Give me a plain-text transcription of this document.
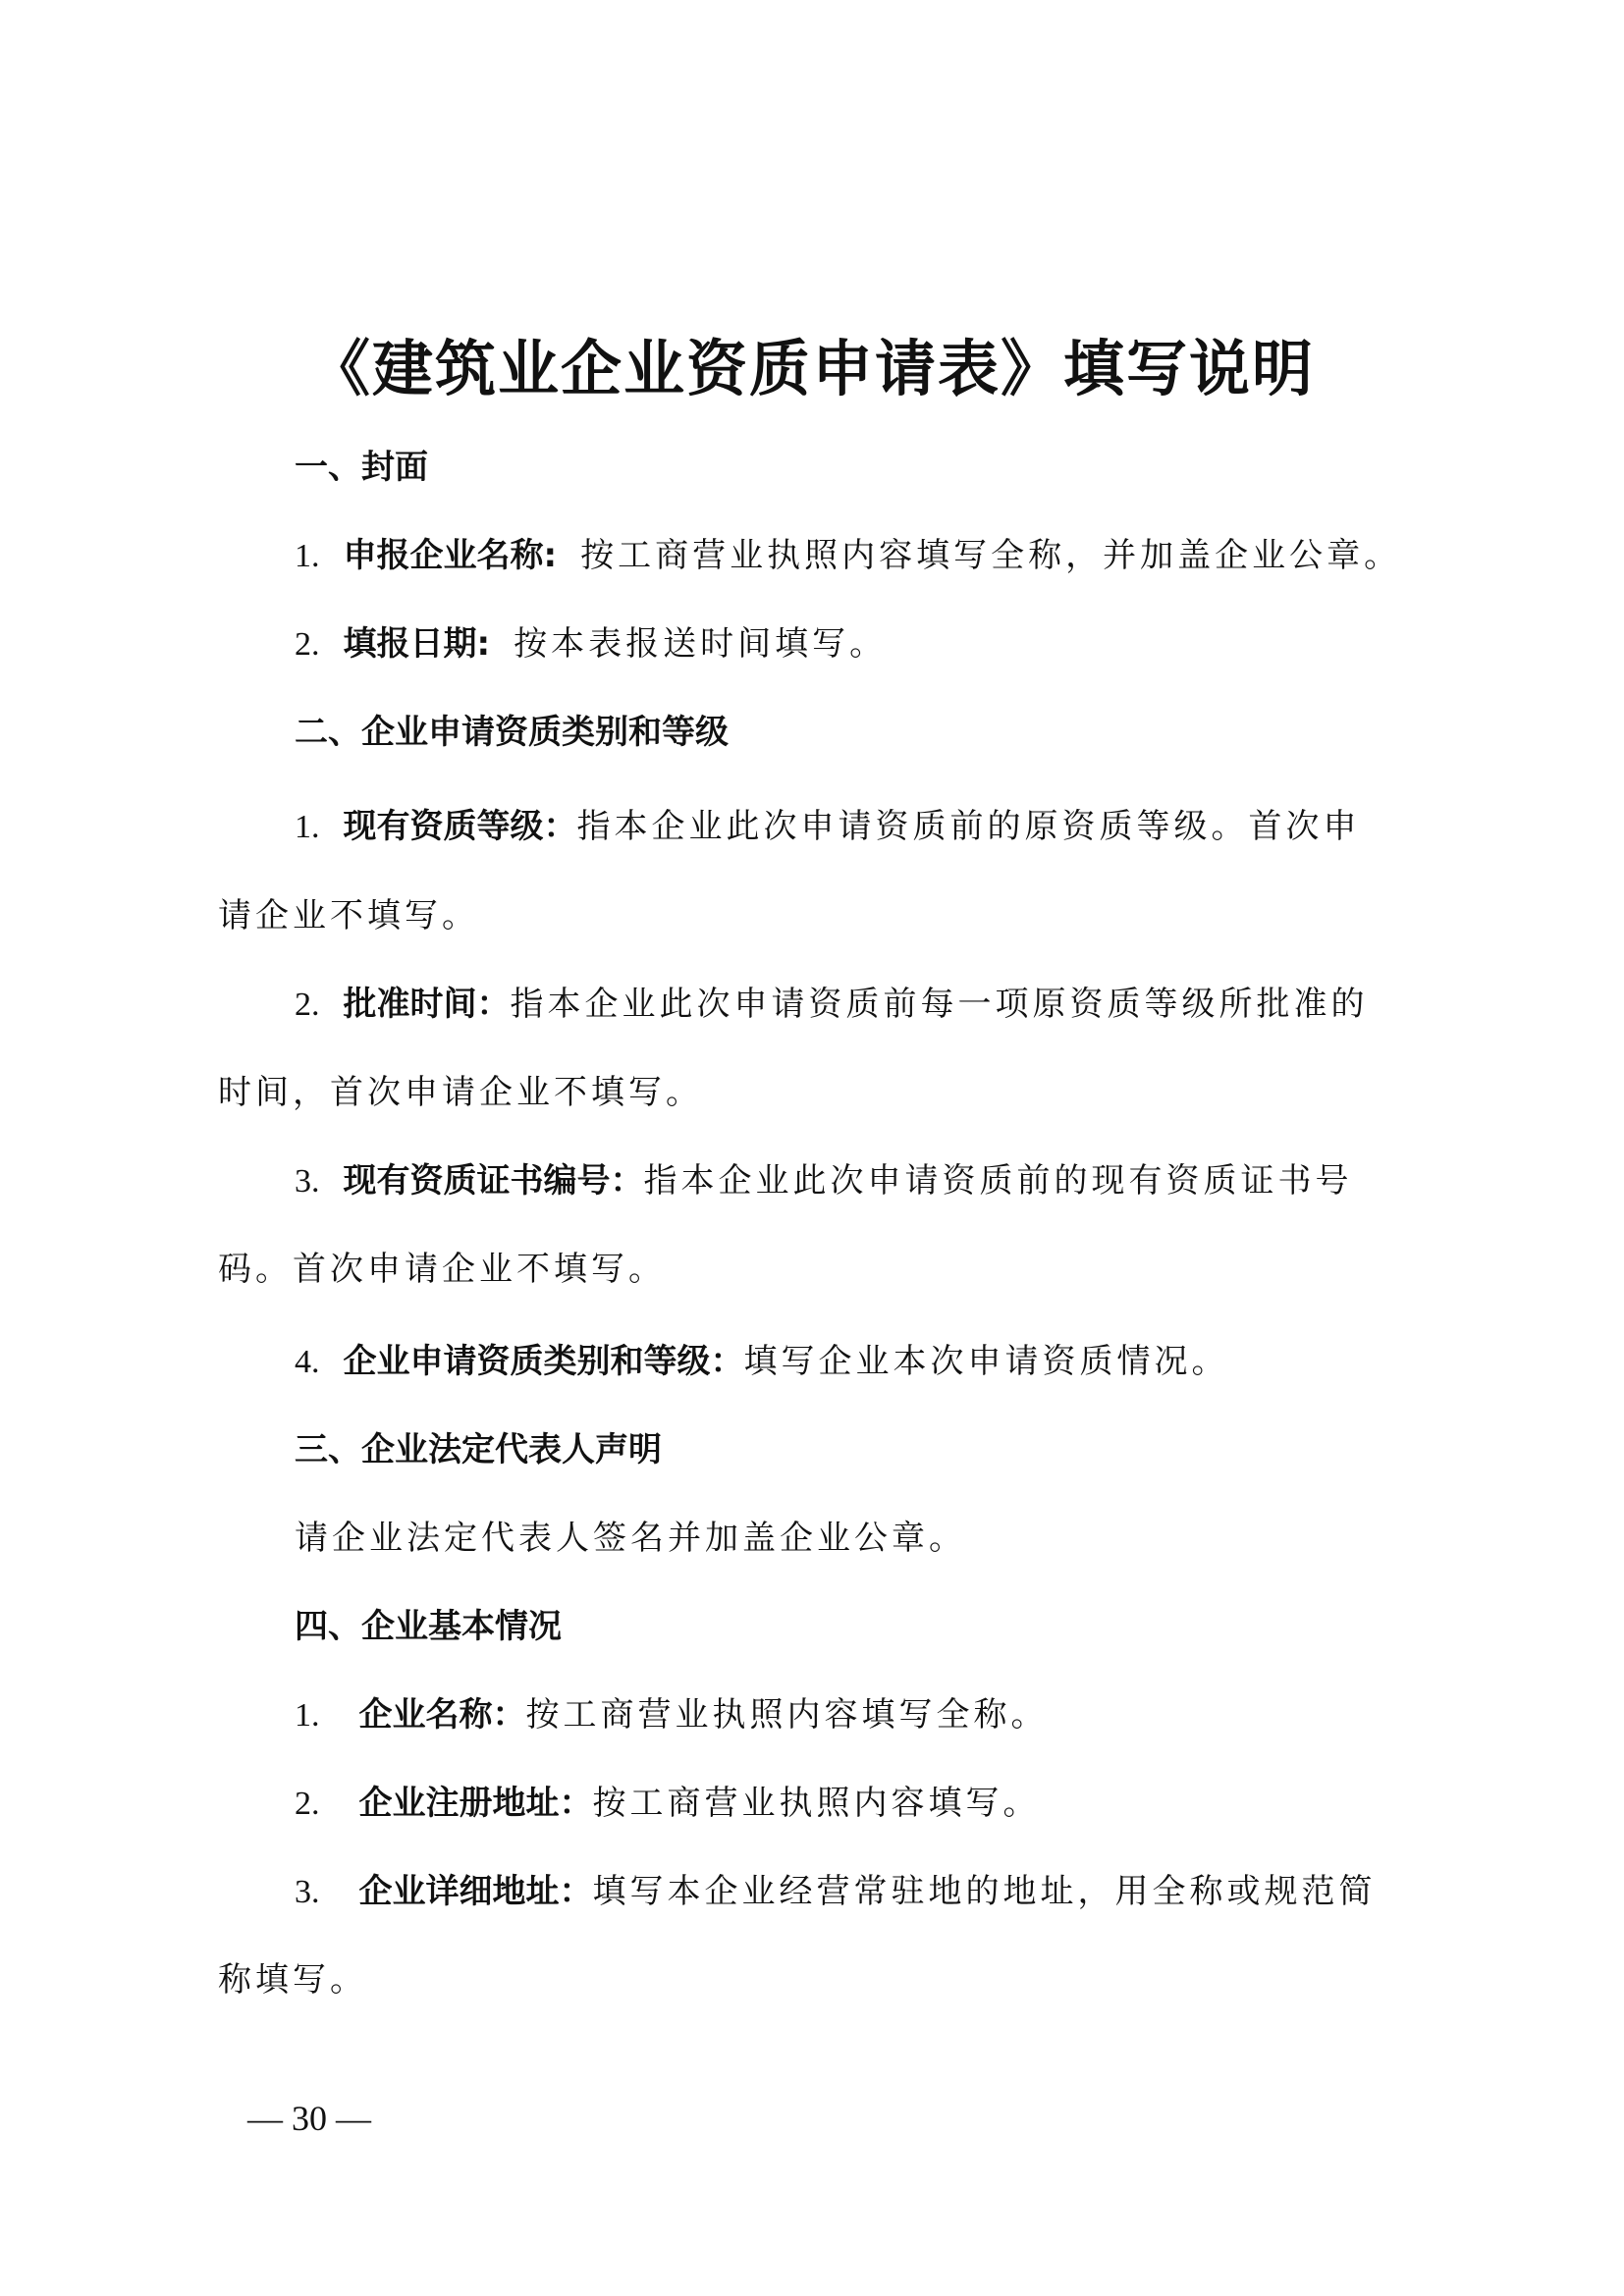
《建筑业企业资质申请表》填写说明
一、封面
1. 申报企业名称: 按工商营业执照内容填写全称，并加盖企业公章。
2. 填报日期: 按本表报送时间填写。
二、企业申请资质类别和等级
1. 现有资质等级：指本企业此次申请资质前的原资质等级。首次申
请企业不填写。
2. 批准时间：指本企业此次申请资质前每一项原资质等级所批准的
时间，首次申请企业不填写。
3. 现有资质证书编号：指本企业此次申请资质前的现有资质证书号
码。首次申请企业不填写。
4. 企业申请资质类别和等级：填写企业本次申请资质情况。
三、企业法定代表人声明
请企业法定代表人签名并加盖企业公章。
四、企业基本情况
1. 企业名称：按工商营业执照内容填写全称。
2. 企业注册地址：按工商营业执照内容填写。
3. 企业详细地址：填写本企业经营常驻地的地址，用全称或规范简
称填写。
— 30 —
